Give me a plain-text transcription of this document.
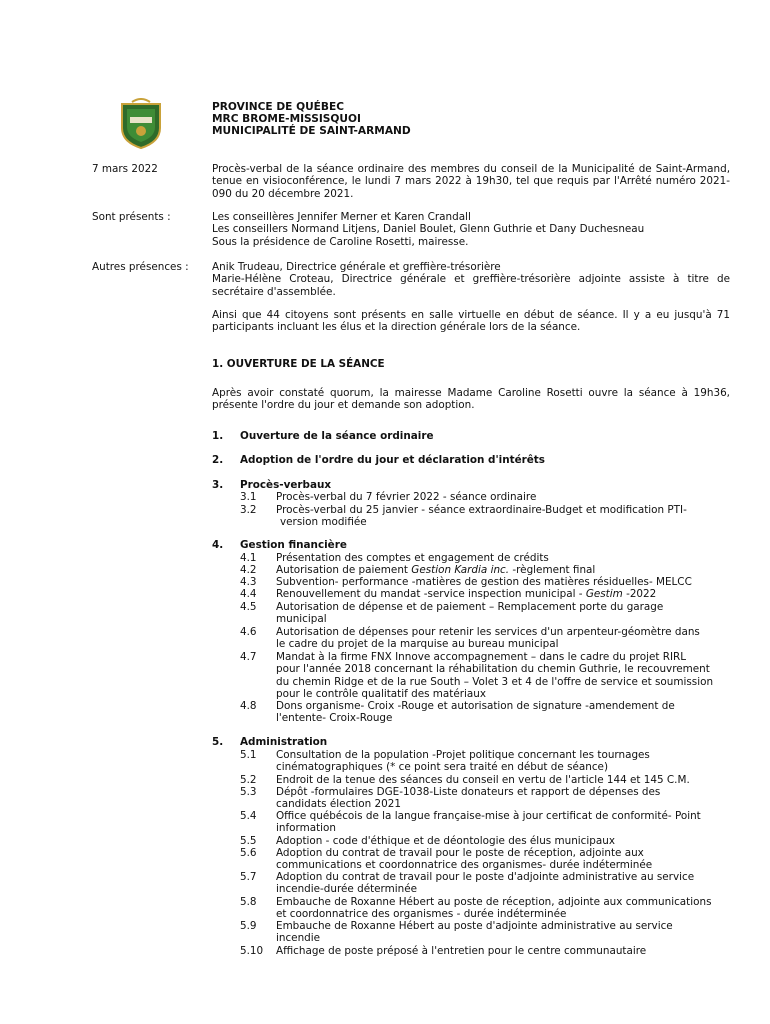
PROVINCE DE QUÉBEC
MRC BROME-MISSISQUOI
MUNICIPALITÉ DE SAINT-ARMAND
7 mars 2022	Procès-verbal de la séance ordinaire des membres du conseil de la Municipalité de Saint-Armand, tenue en visioconférence, le lundi 7 mars 2022 à 19h30, tel que requis par l'Arrêté numéro 2021-090 du 20 décembre 2021.
Sont présents :	Les conseillères Jennifer Merner et Karen Crandall
Les conseillers Normand Litjens, Daniel Boulet, Glenn Guthrie et Dany Duchesneau
Sous la présidence de Caroline Rosetti, mairesse.
Autres présences : Anik Trudeau, Directrice générale et greffière-trésorière
Marie-Hélène Croteau, Directrice générale et greffière-trésorière adjointe assiste à titre de secrétaire d'assemblée.
Ainsi que 44 citoyens sont présents en salle virtuelle en début de séance. Il y a eu jusqu'à 71 participants incluant les élus et la direction générale lors de la séance.
1. OUVERTURE DE LA SÉANCE
Après avoir constaté quorum, la mairesse Madame Caroline Rosetti ouvre la séance à 19h36, présente l'ordre du jour et demande son adoption.
1. Ouverture de la séance ordinaire
2. Adoption de l'ordre du jour et déclaration d'intérêts
3. Procès-verbaux
3.1 Procès-verbal du 7 février 2022 - séance ordinaire
3.2 Procès-verbal du 25 janvier - séance extraordinaire-Budget et modification PTI-
version modifiée
4. Gestion financière
4.1 Présentation des comptes et engagement de crédits
4.2 Autorisation de paiement Gestion Kardia inc. -règlement final
4.3 Subvention- performance -matières de gestion des matières résiduelles- MELCC
4.4 Renouvellement du mandat -service inspection municipal - Gestim -2022
4.5 Autorisation de dépense et de paiement – Remplacement porte du garage
municipal
4.6 Autorisation de dépenses pour retenir les services d'un arpenteur-géomètre dans
le cadre du projet de la marquise au bureau municipal
4.7 Mandat à la firme FNX Innove accompagnement – dans le cadre du projet RIRL
pour l'année 2018 concernant la réhabilitation du chemin Guthrie, le recouvrement
du chemin Ridge et de la rue South – Volet 3 et 4 de l'offre de service et soumission
pour le contrôle qualitatif des matériaux
4.8 Dons organisme- Croix -Rouge et autorisation de signature -amendement de
l'entente- Croix-Rouge
5. Administration
5.1 Consultation de la population -Projet politique concernant les tournages
cinématographiques (* ce point sera traité en début de séance)
5.2 Endroit de la tenue des séances du conseil en vertu de l'article 144 et 145 C.M.
5.3 Dépôt -formulaires DGE-1038-Liste donateurs et rapport de dépenses des
candidats élection 2021
5.4 Office québécois de la langue française-mise à jour certificat de conformité- Point
information
5.5 Adoption - code d'éthique et de déontologie des élus municipaux
5.6 Adoption du contrat de travail pour le poste de réception, adjointe aux
communications et coordonnatrice des organismes- durée indéterminée
5.7 Adoption du contrat de travail pour le poste d'adjointe administrative au service
incendie-durée déterminée
5.8 Embauche de Roxanne Hébert au poste de réception, adjointe aux communications
et coordonnatrice des organismes - durée indéterminée
5.9 Embauche de Roxanne Hébert au poste d'adjointe administrative au service
incendie
5.10 Affichage de poste préposé à l'entretien pour le centre communautaire
